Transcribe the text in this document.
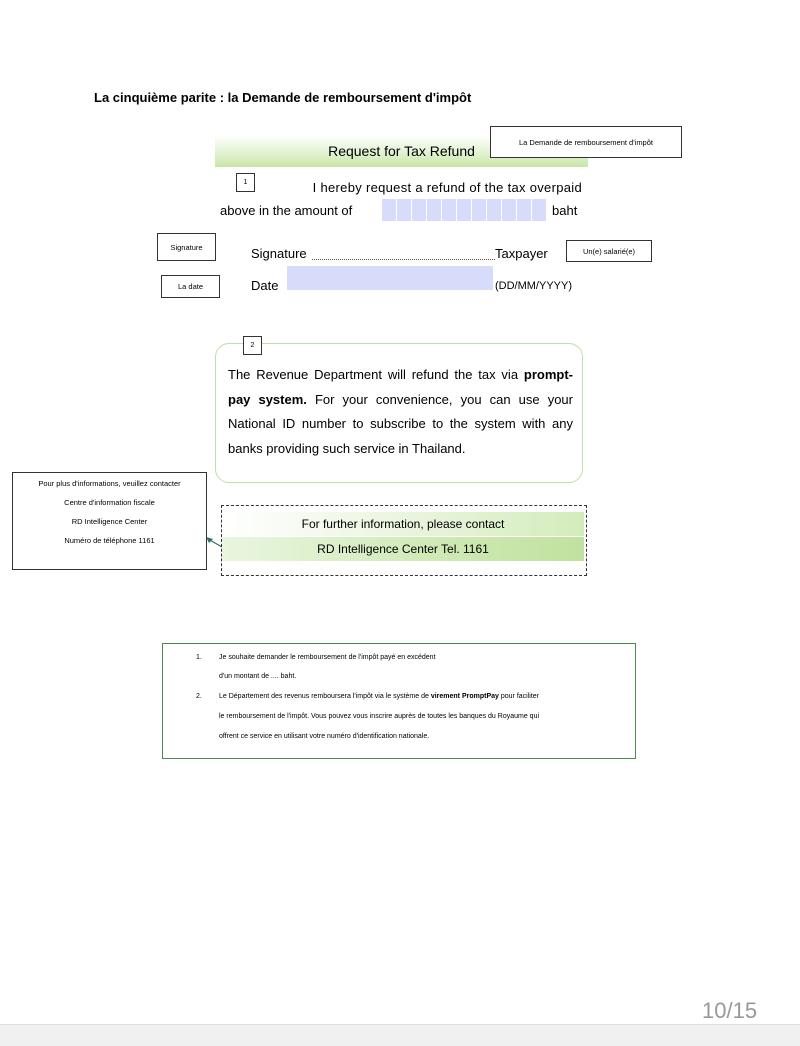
La cinquième parite : la Demande de remboursement d'impôt
Request for Tax Refund
La Demande de remboursement d'impôt
1	I hereby request a refund of the tax overpaid
above in the amount of	baht
Signature	Signature	Taxpayer	Un(e) salarié(e)
La date	Date	(DD/MM/YYYY)
2
The Revenue Department will refund the tax via prompt-pay system. For your convenience, you can use your National ID number to subscribe to the system with any banks providing such service in Thailand.
Pour plus d'informations, veuillez contacter
Centre d'information fiscale
RD Intelligence Center
Numéro de téléphone 1161
For further information, please contact
RD Intelligence Center Tel. 1161
1. Je souhaite demander le remboursement de l'impôt payé en excédent
d'un montant de .... baht.
2. Le Département des revenus remboursera l'impôt via le système de virement PromptPay pour faciliter
le remboursement de l'impôt. Vous pouvez vous inscrire auprès de toutes les banques du Royaume qui
offrent ce service en utilisant votre numéro d'identification nationale.
10/15
